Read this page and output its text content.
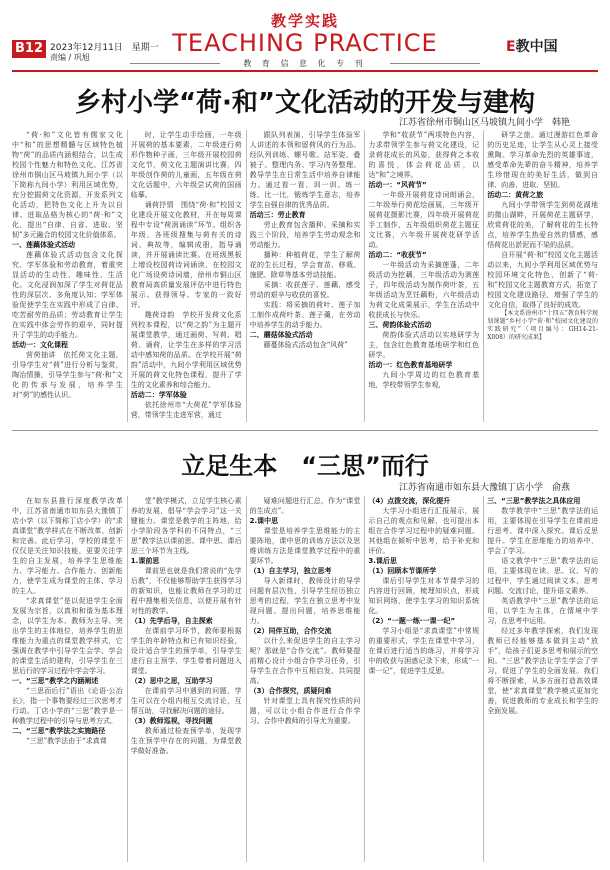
B12 2023年12月11日　星期一
责编 / 巩旭
教学实践
TEACHING PRACTICE
教 育 信 息 化 专 刊
E教中国
乡村小学“荷·和”文化活动的开发与建构
江苏省徐州市铜山区马坡镇九间小学　韩艳

“荷·和”文化皆有儒家文化中“和”的思想精髓与区域特色植物“荷”的品质内涵相结合，以生成校园个性魅力和特色文化。江苏省徐州市铜山区马坡镇九间小学（以下简称九间小学）利用区域优势，充分挖掘荷文化资源，开发系列文化活动，把特色文化上升为以自律、进取品格为核心的“荷·和”文化，提出“自律、自省、进取、坚韧”多元融合的校园文化价值体系。

一、莲藕体验式活动

莲藕体验式活动包含文化探究、学军体验和劳动教育，着重突显活动的生动性、趣味性、生活化。文化浸润加深了学生对荷花品性的深层次、多角度认知；学军体验促使学生在实践中形成了自律、吃苦耐劳的品质；劳动教育让学生在实践中体会劳作的艰辛，同时提升了学生的动手能力。

活动一：文化课程

营荷抽讲　依托荷文化主题，引导学生对“荷”进行分析与鉴赏，陶冶情操，引导学生参与“荷·和”文化的传承与发展，培养学生对“荷”的感性认识。

时，让学生动手绘画，一年级开展荷的基本要素，二年级进行荷形作物种子画，三年级开展校园荷文化节，荷文化主题演讲比赛，四年级创作荷的儿童画，五年级在荷文化话题中，六年级尝试荷的国画临摹。

诵荷抒情　围绕“荷·和”校园文化建设开展文化教材，开在每周课程中专设“荷润诵读”环节。组织各年级、各班级搜集与荷有关的诗词、典故等，编辑成册，指导诵读，并开展诵读比赛。在班级黑板上增设校园荷诗词诵读，在校园文化广场设荷诗词墙，徐州市铜山区教育局高质量发展评估中进行特色展示。获得领导、专家的一致好评。

趣荷诗韵　学校开发荷文化系列校本课程，以“荷之韵”为主题开展课堂教学，通过画荷、写荷、唱荷、诵荷，让学生在多样的学习活动中感知荷的品质。在学校开展“荷韵”活动中，九间小学利用区域优势开展的荷文化特色课程，提升了学生的文化素养和综合能力。

活动二：学军体验

依托徐州市“大荷花”学军体验营，带领学生走进军营，通过

跟队列表演，引导学生体验军人讲述的本领和留荷风的行为品。经队列训练、螺号歌、站军姿、叠被子、整理内务、学习内务整理、教导学生在日常生活中培养自律能力。通过看一看、训一训、练一练、比一比，锻炼学生意志，培养学生自强自律的优秀品质。

活动三：劳止教育

劳止教育包含播种、采摘和实践三个阶段，培养学生劳动观念和劳动能力。

播种：种植荷花，学生了解荷花的生长过程，学会育苗、移栽、施肥、除草等基本劳动技能。

采摘：收获莲子、莲藕，感受劳动的艰辛与收获的喜悦。

实践：将采摘的荷叶、莲子加工制作成荷叶茶、莲子羹，在劳动中培养学生的动手能力。

二、蘑菇体验式活动

藤蔓体验式活动包含“风荷”

学和“收获节”两项特色内容，力求带领学生参与荷文化建设，记录荷花成长的风姿，获得荷之本收的喜悦，体会荷花品质，以达“和”之境界。

活动一：“风荷节”

一年级开展荷花诗词朗诵会，二年级举行荷花绘画展，三年级开展荷花摄影比赛，四年级开展荷花手工制作，五年级组织荷花主题征文比赛，六年级开展荷花研学活动。

活动二：“收获节”

一年级活动为采摘莲蓬，二年级活动为挖藕，三年级活动为剥莲子，四年级活动为制作荷叶茶，五年级活动为烹饪藕粉，六年级活动为荷文化成果展示，学生在活动中收获成长与快乐。

三、荷韵体验式活动

荷韵体验式活动以实地研学为主，包含红色教育基地研学和红色研学。

活动一：红色教育基地研学

九间小学周边的红色教育基地，学校带领学生参观，

研学之旅。通过漫游红色革命的历史足迹，让学生从心灵上接受熏陶。学习革命先烈的英雄事迹，感受革命先辈的奋斗精神，培养学生珍惜现在的美好生活，做到自律、向善、进取、坚韧。

活动二：黄荷之旅

九间小学带领学生到荷花湖地的微山湖畔，开展荷花主题研学，欣赏荷花的美，了解荷花的生长特点，培养学生热爱自然的情感，感悟荷花出淤泥而不染的品质。

自开展“荷·和”校园文化主题活动以来，九间小学利用区域优势与校园环境文化特色，创新了“荷·和”校园文化主题教育方式，拓宽了校园文化建设路径，增强了学生的文化自信，取得了良好的成效。

【本文系徐州市“十四五”教育科学规划课题“乡村小学“荷·和”校园文化建设的实践研究”（项目编号：GH14-21-X008）的研究成果】

立足生本　“三思”而行
江苏省南通市如东县大豫镇丁店小学　俞燕

在如东县推行深度教学改革中，江苏省南通市如东县大豫镇丁店小学（以下简称丁店小学）的“求真课堂”教学样式在不断改革、创新和完善。此后学习，学校的课堂不仅仅是关注知识技能，更要关注学生的自主发展，培养学生思维能力、学习能力、合作能力、创新能力，使学生成为课堂的主体、学习的主人。

“求真课堂”是以促进学生全面发展为宗旨，以真和和谐为基本理念，以学生为本、教师为主导、突出学生的主体地位，培养学生的思维能力为重点的课堂教学样式，它强调在教学中引导学生会学、学会的课堂生活的建构，引导学生在三思后行的学习过程中学会学习。

一、“三思”教学之内涵阐述

“三思而后行”语出《论语·公冶长》，指一个事物要经过三次思考才行动。丁店小学的“三思”教学是一种教学过程中的引导与思考方式。

二、“三思”教学法之实施路径

“三思”教学法由于“求真课

堂”教学模式，立足学生核心素养的发展，倡导“学会学习”这一关键能力。课堂是教学的主阵地，给小学阶段各学科的不同特点，“三思”教学法以课前思、课中思、课后思三个环节为主线。

1.课前思

课前思也就是我们常说的“先学后教”，不仅能够帮助学生获得学习的新知识，也能让教师在学习的过程中搜集相关信息，以便开展有针对性的教学。

（1）先学后导，自主探索

在课前学习环节，教师要根据学生的年龄特点和已有知识经验，设计适合学生的预学单，引导学生进行自主预学，学生带着问题进入课堂。

（2）思中之思，互助学习

在课前学习中遇到的问题，学生可以在小组内相互交流讨论，互帮互助，寻找解决问题的途径。

（3）教师巡视，寻找问题

教师通过检查预学单，发现学生在预学中存在的问题，为课堂教学做好准备。

疑难问题进行汇总，作为“课堂的生成点”。

2.课中思

课堂是培养学生思维能力的主要阵地，课中思的训练方法以及思维训练方法是课堂教学过程中的重要环节。

（1）自主学习，独立思考

导入新课时，教师设计的导学问题有层次性，引导学生经历独立思考的过程，学生在独立思考中发现问题、提出问题，培养思维能力。

（2）同伴互助，合作交流

以什么来促进学生的自主学习呢？那就是“合作交流”。教师要提前精心设计小组合作学习任务，引导学生在合作中互相启发、共同提高。

（3）合作探究，质疑问难

针对课堂上具有探究性质的问题，可以让小组合作进行合作学习。合作中教师的引导尤为重要。

（4）点拨交流，深化提升

大学习小组进行汇报展示，展示自己的观点和见解，也可提出本组在合作学习过程中的疑难问题。其他组在倾听中思考，给予补充和评价。

3.课后思

（1）回顾本节课所学

课后引导学生对本节课学习的内容进行回顾，梳理知识点，形成知识网络，使学生学习的知识系统化。

（2）“一题一练·一课一纪”

学习小组是“求真课堂”中常规的重要形式，学生在课堂中学习，在课后进行适当的练习，并将学习中的收获与困惑记录下来，形成“一课一记”，促进学生反思。

三、“三思”教学法之具体应用

数学教学中“三思”教学法的运用，主要体现在引导学生在课前进行思考、课中深入探究、课后反思提升。学生在思维能力的培养中，学会了学习。

语文教学中“三思”教学法的运用，主要体现在读、思、议、写的过程中，学生通过阅读文本、思考问题、交流讨论，提升语文素养。

英语教学中“三思”教学法的运用，以学生为主体，在情境中学习，在思考中运用。

经过多年教学探索，我们发现教师已经能够基本做到主动“放手”，给孩子们更多思考和展示的空间。“三思”教学法让学生学会了学习，促进了学生的全面发展。我们将不断探索，从多方面打造高效课堂，使“求真课堂”教学模式更加完善，促进教师的专业成长和学生的全面发展。
